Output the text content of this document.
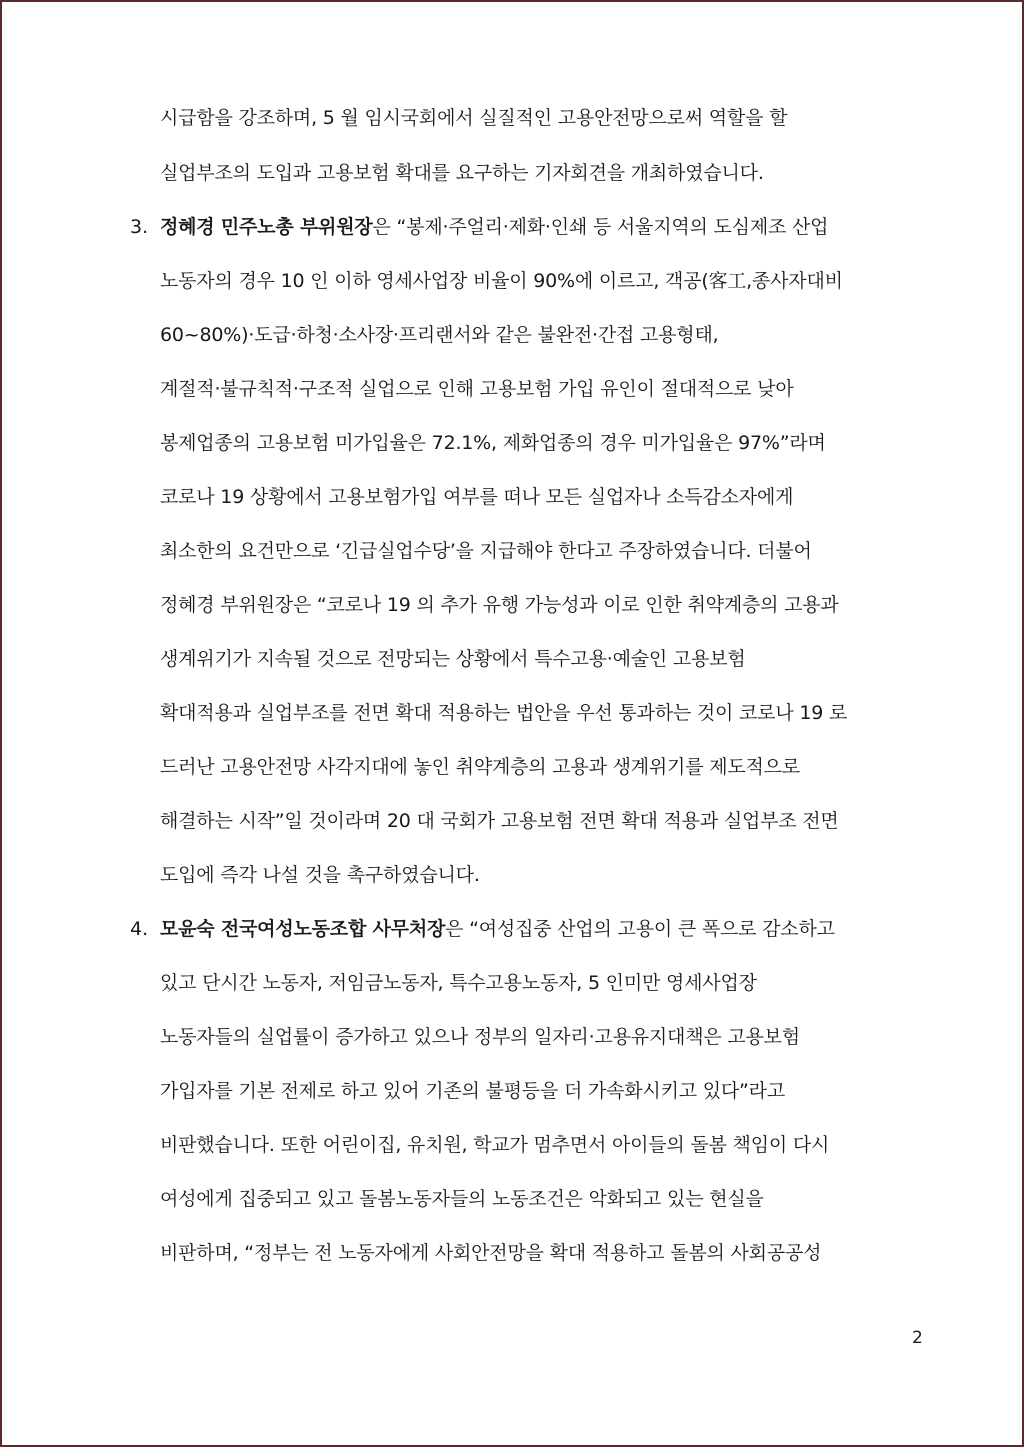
시급함을 강조하며, 5 월 임시국회에서 실질적인 고용안전망으로써 역할을 할
실업부조의 도입과 고용보험 확대를 요구하는 기자회견을 개최하였습니다.
3. 정혜경 민주노총 부위원장은 “봉제·주얼리·제화·인쇄 등 서울지역의 도심제조 산업
노동자의 경우 10 인 이하 영세사업장 비율이 90%에 이르고, 객공(客工,종사자대비
60~80%)·도급·하청·소사장·프리랜서와 같은 불완전·간접 고용형태,
계절적·불규칙적·구조적 실업으로 인해 고용보험 가입 유인이 절대적으로 낮아
봉제업종의 고용보험 미가입율은 72.1%, 제화업종의 경우 미가입율은 97%”라며
코로나 19 상황에서 고용보험가입 여부를 떠나 모든 실업자나 소득감소자에게
최소한의 요건만으로 ‘긴급실업수당’을 지급해야 한다고 주장하였습니다. 더불어
정혜경 부위원장은 “코로나 19 의 추가 유행 가능성과 이로 인한 취약계층의 고용과
생계위기가 지속될 것으로 전망되는 상황에서 특수고용·예술인 고용보험
확대적용과 실업부조를 전면 확대 적용하는 법안을 우선 통과하는 것이 코로나 19 로
드러난 고용안전망 사각지대에 놓인 취약계층의 고용과 생계위기를 제도적으로
해결하는 시작”일 것이라며 20 대 국회가 고용보험 전면 확대 적용과 실업부조 전면
도입에 즉각 나설 것을 촉구하였습니다.
4. 모윤숙 전국여성노동조합 사무처장은 “여성집중 산업의 고용이 큰 폭으로 감소하고
있고 단시간 노동자, 저임금노동자, 특수고용노동자, 5 인미만 영세사업장
노동자들의 실업률이 증가하고 있으나 정부의 일자리·고용유지대책은 고용보험
가입자를 기본 전제로 하고 있어 기존의 불평등을 더 가속화시키고 있다”라고
비판했습니다. 또한 어린이집, 유치원, 학교가 멈추면서 아이들의 돌봄 책임이 다시
여성에게 집중되고 있고 돌봄노동자들의 노동조건은 악화되고 있는 현실을
비판하며, “정부는 전 노동자에게 사회안전망을 확대 적용하고 돌봄의 사회공공성
2
